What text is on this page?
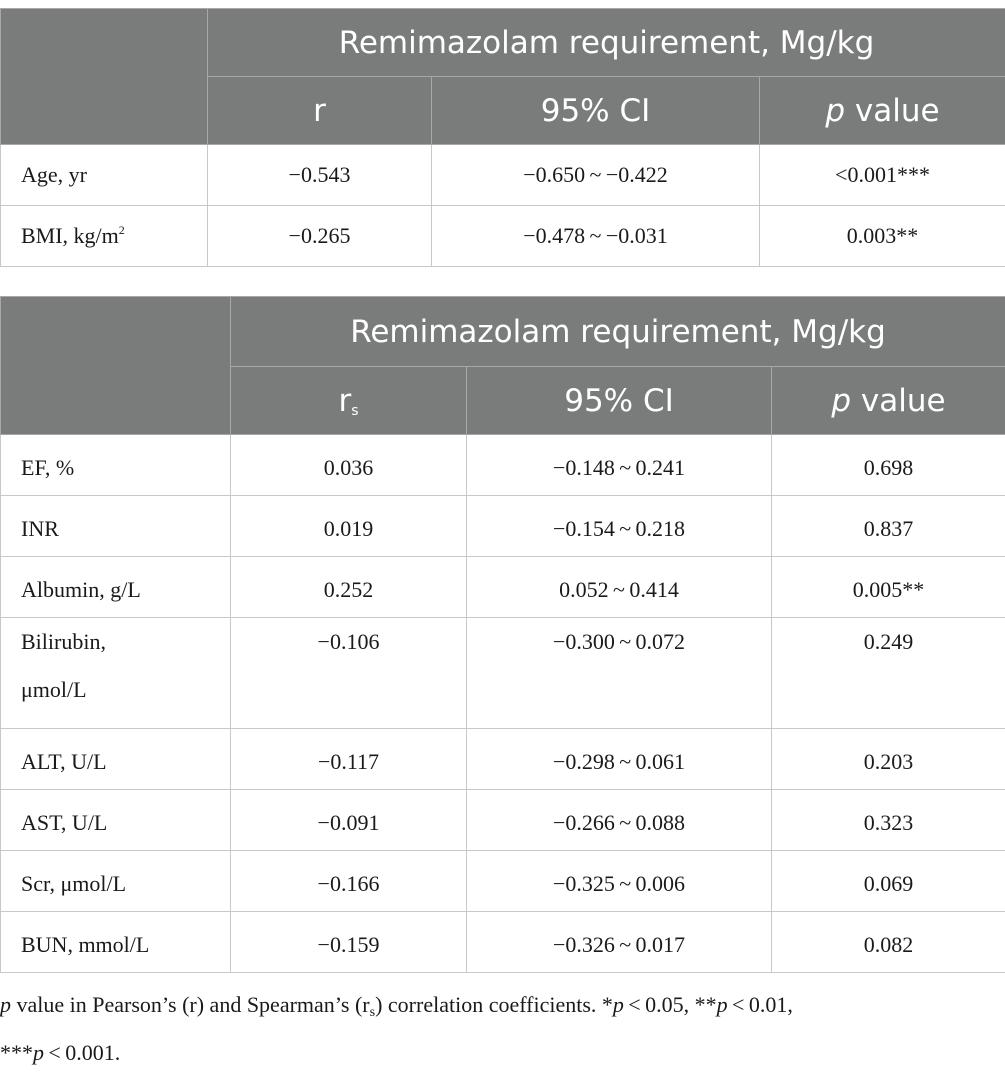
	Remimazolam requirement, Mg/kg		
	r	95% CI	p value
Age, yr	−0.543	−0.650 ~ −0.422	<0.001***
BMI, $kg/m^2$	−0.265	−0.478 ~ −0.031	0.003**
	Remimazolam requirement, Mg/kg		
	$r_s$	95% CI	p value
EF, %	0.036	−0.148 ~ 0.241	0.698
INR	0.019	−0.154 ~ 0.218	0.837
Albumin, g/L	0.252	0.052 ~ 0.414	0.005**

Bilirubin,
μmol/L	−0.106	−0.300 ~ 0.072	0.249
ALT, U/L	−0.117	−0.298 ~ 0.061	0.203
AST, U/L	−0.091	−0.266 ~ 0.088	0.323
Scr, μmol/L	−0.166	−0.325 ~ 0.006	0.069
BUN, mmol/L	−0.159	−0.326 ~ 0.017	0.082
p value in Pearson’s (r) and Spearman’s $(r_s)$ correlation coefficients. *p < 0.05, **p < 0.01,
***p < 0.001.
